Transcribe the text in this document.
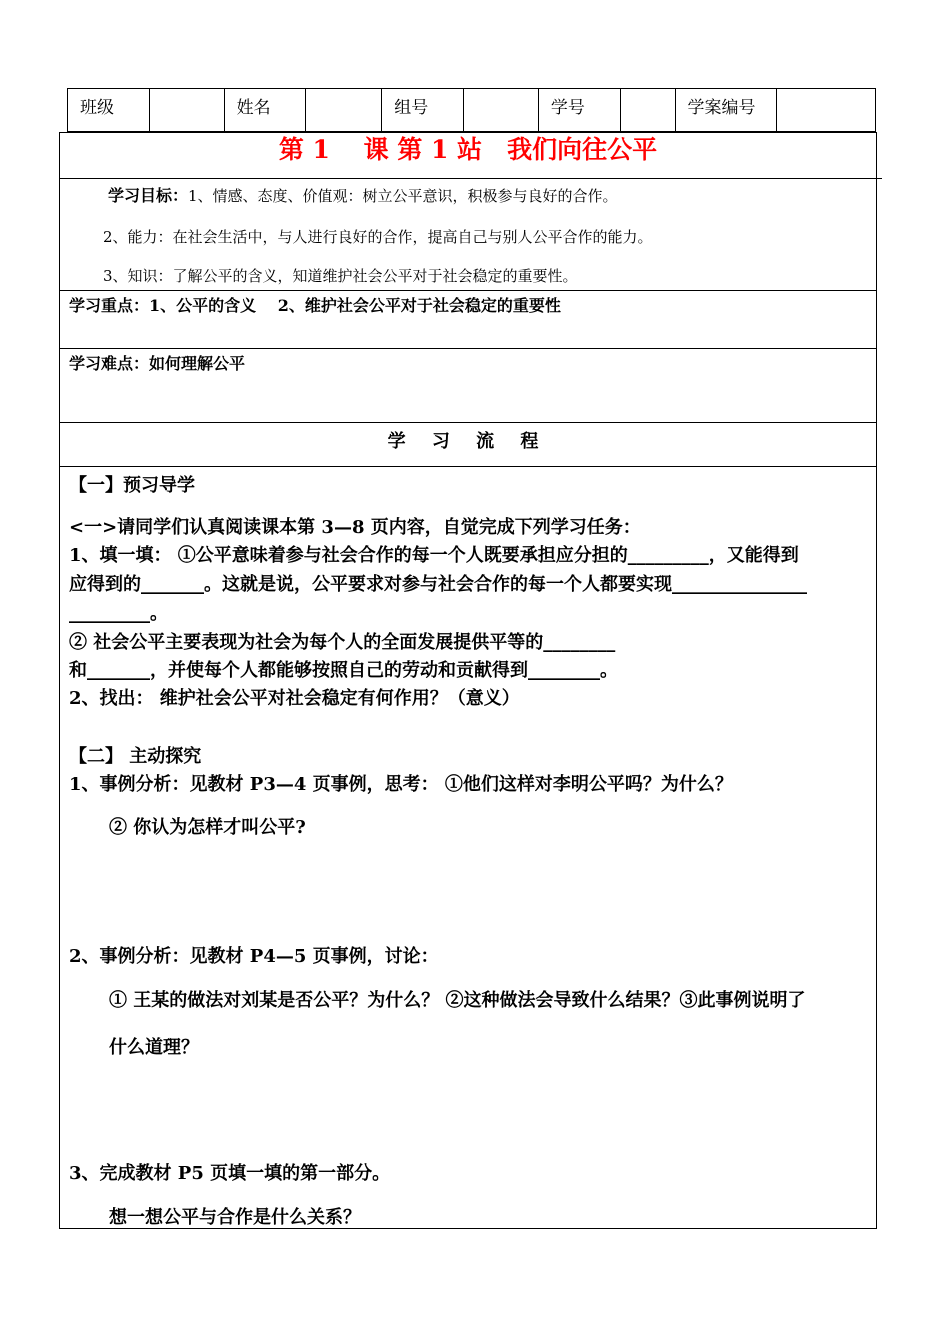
班级	姓名	组号	学号	学案编号
第 1　 课 第 1 站　我们向往公平
学习目标：1、情感、态度、价值观：树立公平意识，积极参与良好的合作。
2、能力：在社会生活中，与人进行良好的合作，提高自己与别人公平合作的能力。
3、知识：了解公平的含义，知道维护社会公平对于社会稳定的重要性。
学习重点：1、公平的含义　 2、维护社会公平对于社会稳定的重要性
学习难点：如何理解公平
学 习 流 程
【一】预习导学
<一>请同学们认真阅读课本第 3—8 页内容，自觉完成下列学习任务：
1、填一填： ①公平意味着参与社会合作的每一个人既要承担应分担的_________，又能得到
应得到的_______。这就是说，公平要求对参与社会合作的每一个人都要实现_______________
_________。
② 社会公平主要表现为社会为每个人的全面发展提供平等的________
和_______，并使每个人都能够按照自己的劳动和贡献得到________。
2、找出： 维护社会公平对社会稳定有何作用？（意义）
【二】 主动探究
1、事例分析：见教材 P3—4 页事例，思考： ①他们这样对李明公平吗？为什么？
② 你认为怎样才叫公平?
2、事例分析：见教材 P4—5 页事例，讨论：
① 王某的做法对刘某是否公平？为什么？ ②这种做法会导致什么结果？③此事例说明了
什么道理？
3、完成教材 P5 页填一填的第一部分。
想一想公平与合作是什么关系？
